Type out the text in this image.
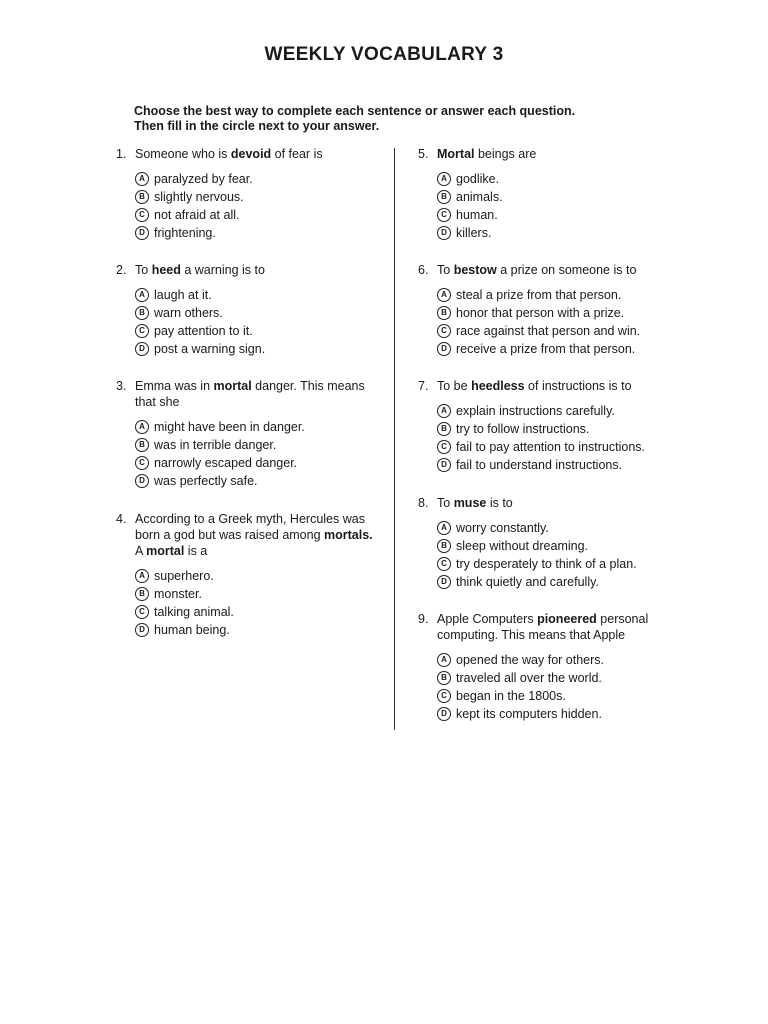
WEEKLY VOCABULARY 3
Choose the best way to complete each sentence or answer each question.
Then fill in the circle next to your answer.
1. Someone who is devoid of fear is
A paralyzed by fear.
B slightly nervous.
C not afraid at all.
D frightening.
2. To heed a warning is to
A laugh at it.
B warn others.
C pay attention to it.
D post a warning sign.
3. Emma was in mortal danger. This means that she
A might have been in danger.
B was in terrible danger.
C narrowly escaped danger.
D was perfectly safe.
4. According to a Greek myth, Hercules was born a god but was raised among mortals. A mortal is a
A superhero.
B monster.
C talking animal.
D human being.
5. Mortal beings are
A godlike.
B animals.
C human.
D killers.
6. To bestow a prize on someone is to
A steal a prize from that person.
B honor that person with a prize.
C race against that person and win.
D receive a prize from that person.
7. To be heedless of instructions is to
A explain instructions carefully.
B try to follow instructions.
C fail to pay attention to instructions.
D fail to understand instructions.
8. To muse is to
A worry constantly.
B sleep without dreaming.
C try desperately to think of a plan.
D think quietly and carefully.
9. Apple Computers pioneered personal computing. This means that Apple
A opened the way for others.
B traveled all over the world.
C began in the 1800s.
D kept its computers hidden.
